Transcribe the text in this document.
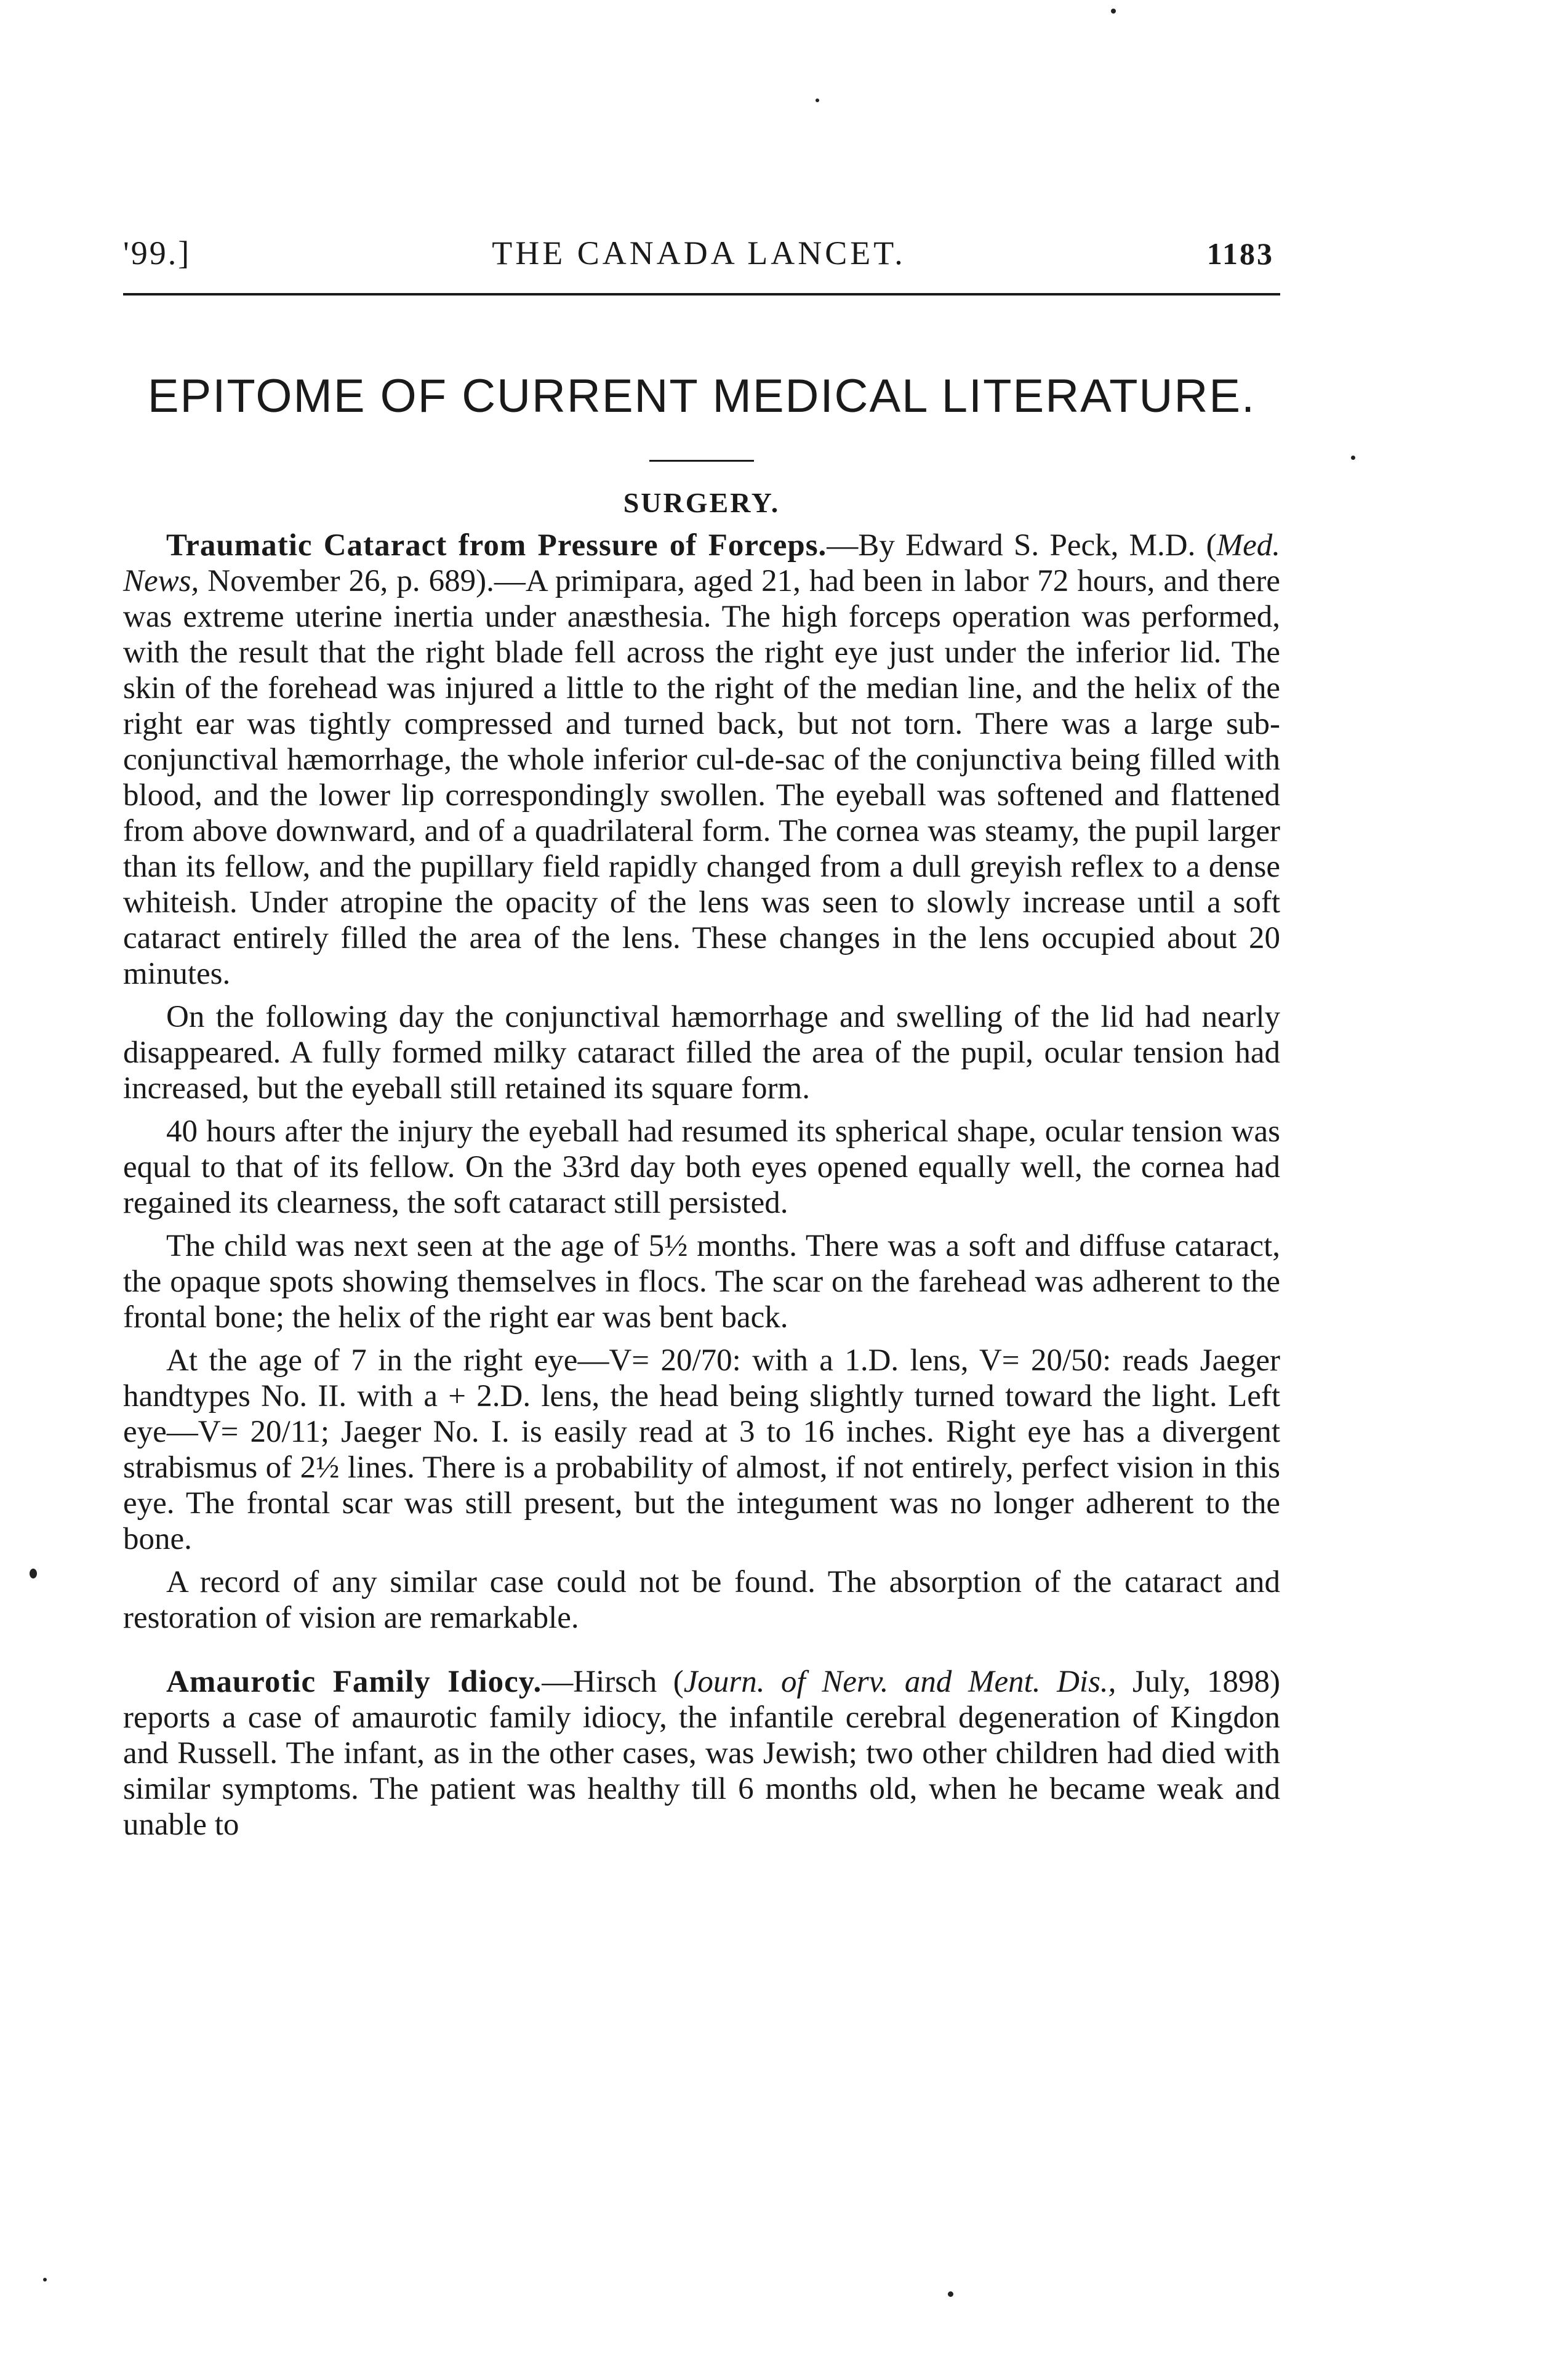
'99.]	THE CANADA LANCET.	1183
EPITOME OF CURRENT MEDICAL LITERATURE.
SURGERY.

Traumatic Cataract from Pressure of Forceps.—By Edward S. Peck, M.D. (Med. News, November 26, p. 689).—A primipara, aged 21, had been in labor 72 hours, and there was extreme uterine inertia under anæsthesia. The high forceps operation was performed, with the result that the right blade fell across the right eye just under the inferior lid. The skin of the forehead was injured a little to the right of the median line, and the helix of the right ear was tightly compressed and turned back, but not torn. There was a large sub-conjunctival hæmorrhage, the whole inferior cul-de-sac of the conjunctiva being filled with blood, and the lower lip correspondingly swollen. The eyeball was softened and flattened from above downward, and of a quadrilateral form. The cornea was steamy, the pupil larger than its fellow, and the pupillary field rapidly changed from a dull greyish reflex to a dense whiteish. Under atropine the opacity of the lens was seen to slowly increase until a soft cataract entirely filled the area of the lens. These changes in the lens occupied about 20 minutes.

On the following day the conjunctival hæmorrhage and swelling of the lid had nearly disappeared. A fully formed milky cataract filled the area of the pupil, ocular tension had increased, but the eyeball still retained its square form.

40 hours after the injury the eyeball had resumed its spherical shape, ocular tension was equal to that of its fellow. On the 33rd day both eyes opened equally well, the cornea had regained its clearness, the soft cataract still persisted.

The child was next seen at the age of 5½ months. There was a soft and diffuse cataract, the opaque spots showing themselves in flocs. The scar on the farehead was adherent to the frontal bone; the helix of the right ear was bent back.

At the age of 7 in the right eye—V= 20/70: with a 1.D. lens, V= 20/50: reads Jaeger handtypes No. II. with a + 2.D. lens, the head being slightly turned toward the light. Left eye—V= 20/11; Jaeger No. I. is easily read at 3 to 16 inches. Right eye has a divergent strabismus of 2½ lines. There is a probability of almost, if not entirely, perfect vision in this eye. The frontal scar was still present, but the integument was no longer adherent to the bone.

A record of any similar case could not be found. The absorption of the cataract and restoration of vision are remarkable.

Amaurotic Family Idiocy.—Hirsch (Journ. of Nerv. and Ment. Dis., July, 1898) reports a case of amaurotic family idiocy, the infantile cerebral degeneration of Kingdon and Russell. The infant, as in the other cases, was Jewish; two other children had died with similar symptoms. The patient was healthy till 6 months old, when he became weak and unable to
